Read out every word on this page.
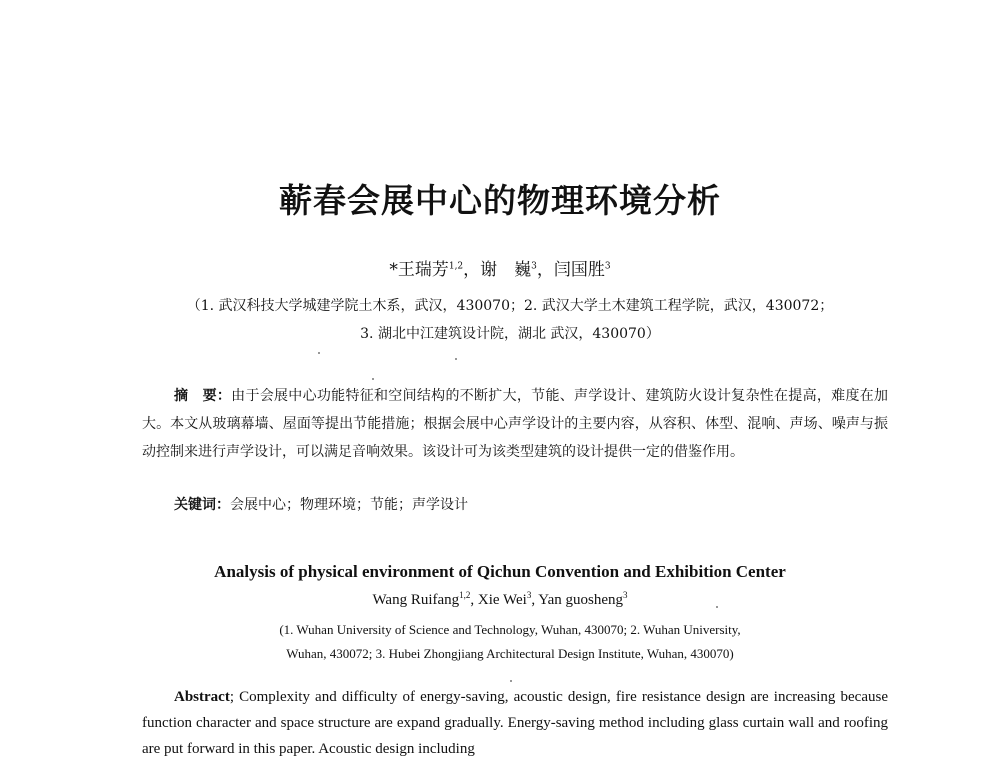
蕲春会展中心的物理环境分析
*王瑞芳$^{1,2}$，谢　巍$^3$，闫国胜$^3$
（1. 武汉科技大学城建学院土木系，武汉，430070；2. 武汉大学土木建筑工程学院，武汉，430072；
3. 湖北中江建筑设计院，湖北 武汉，430070）

摘　要：由于会展中心功能特征和空间结构的不断扩大，节能、声学设计、建筑防火设计复杂性在提高，难度在加大。本文从玻璃幕墙、屋面等提出节能措施；根据会展中心声学设计的主要内容，从容积、体型、混响、声场、噪声与振动控制来进行声学设计，可以满足音响效果。该设计可为该类型建筑的设计提供一定的借鉴作用。

关键词：会展中心；物理环境；节能；声学设计
Analysis of physical environment of Qichun Convention and Exhibition Center
Wang Ruifang$^{1,2}$, Xie Wei$^3$, Yan guosheng$^3$
(1. Wuhan University of Science and Technology, Wuhan, 430070; 2. Wuhan University,
Wuhan, 430072; 3. Hubei Zhongjiang Architectural Design Institute, Wuhan, 430070)

Abstract; Complexity and difficulty of energy-saving, acoustic design, fire resistance design are increasing because function character and space structure are expand gradually. Energy-saving method including glass curtain wall and roofing are put forward in this paper. Acoustic design including
